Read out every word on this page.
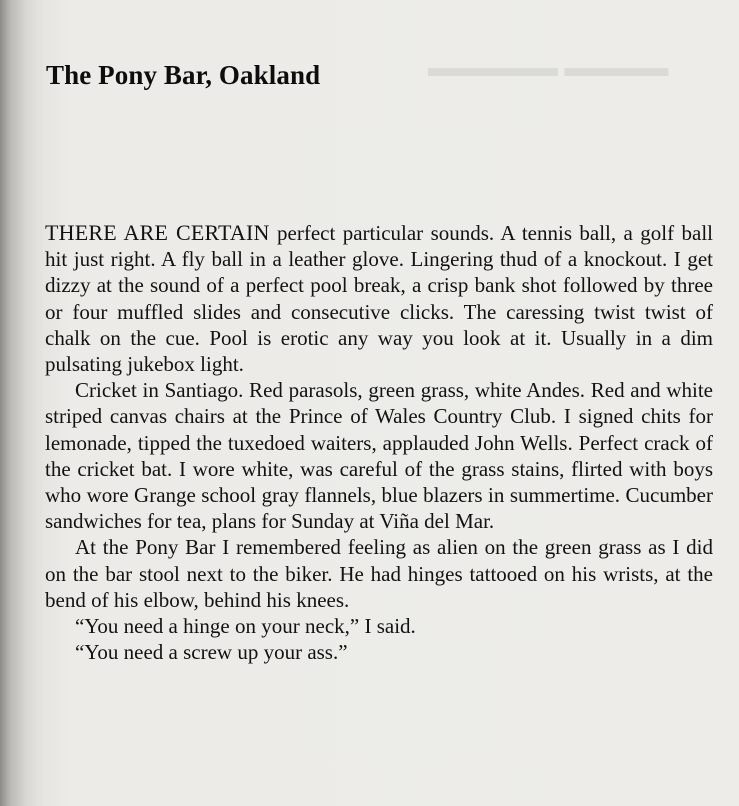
▬▬▬▬▬ ▬▬▬▬
The Pony Bar, Oakland

THERE ARE CERTAIN perfect particular sounds. A tennis ball, a golf ball hit just right. A fly ball in a leather glove. Lingering thud of a knockout. I get dizzy at the sound of a perfect pool break, a crisp bank shot followed by three or four muffled slides and consecutive clicks. The caressing twist twist of chalk on the cue. Pool is erotic any way you look at it. Usually in a dim pulsating jukebox light.

Cricket in Santiago. Red parasols, green grass, white Andes. Red and white striped canvas chairs at the Prince of Wales Country Club. I signed chits for lemonade, tipped the tuxedoed waiters, applauded John Wells. Perfect crack of the cricket bat. I wore white, was careful of the grass stains, flirted with boys who wore Grange school gray flannels, blue blazers in summertime. Cucumber sandwiches for tea, plans for Sunday at Viña del Mar.

At the Pony Bar I remembered feeling as alien on the green grass as I did on the bar stool next to the biker. He had hinges tattooed on his wrists, at the bend of his elbow, behind his knees.

“You need a hinge on your neck,” I said.

“You need a screw up your ass.”
